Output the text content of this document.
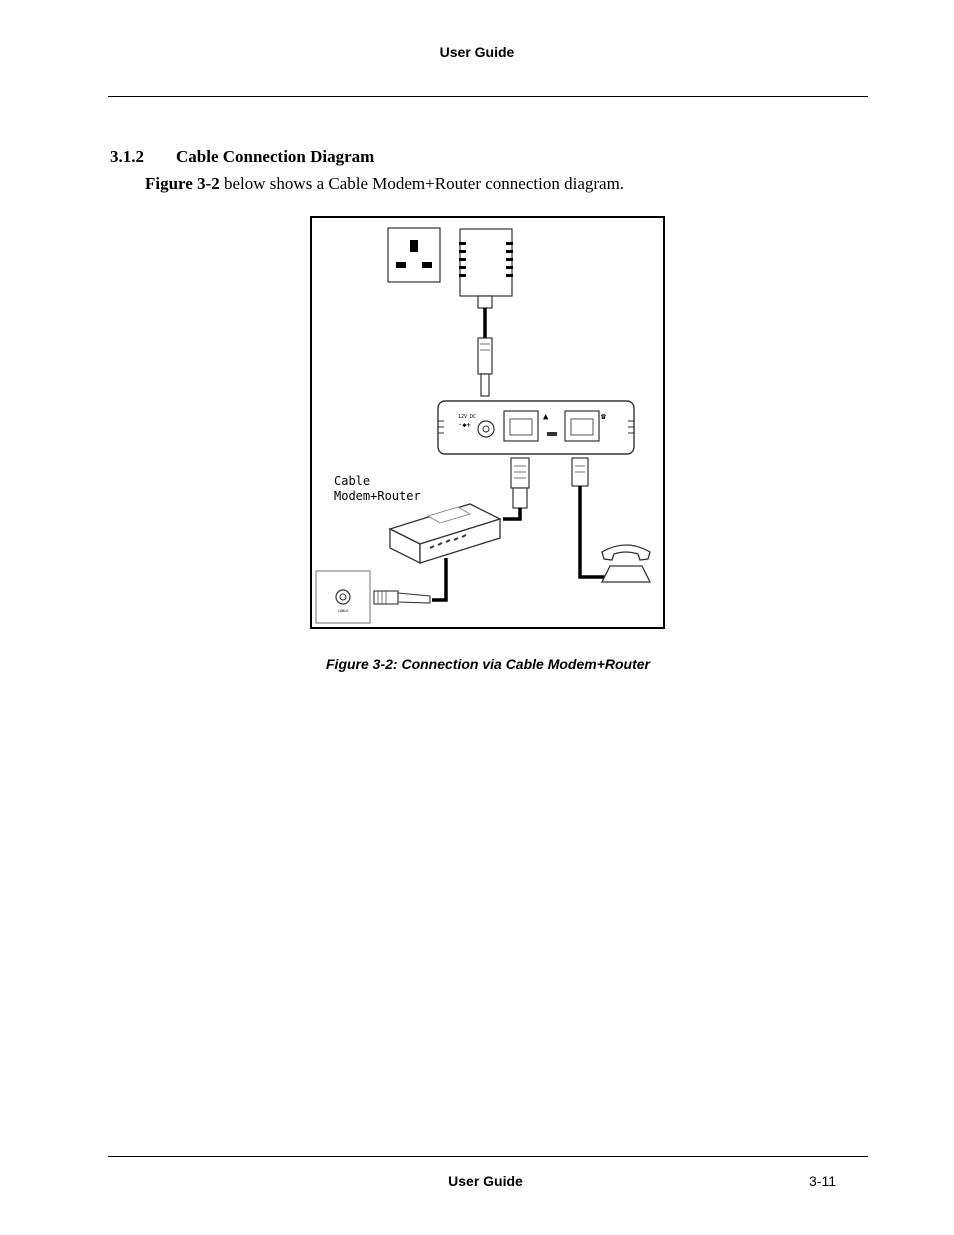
User Guide
3.1.2 Cable Connection Diagram
Figure 3-2 below shows a Cable Modem+Router connection diagram.
12V DC
-◆+
▲	☎
Cable
Modem+Router
CABLE
Figure 3-2: Connection via Cable Modem+Router
User Guide	3-11
